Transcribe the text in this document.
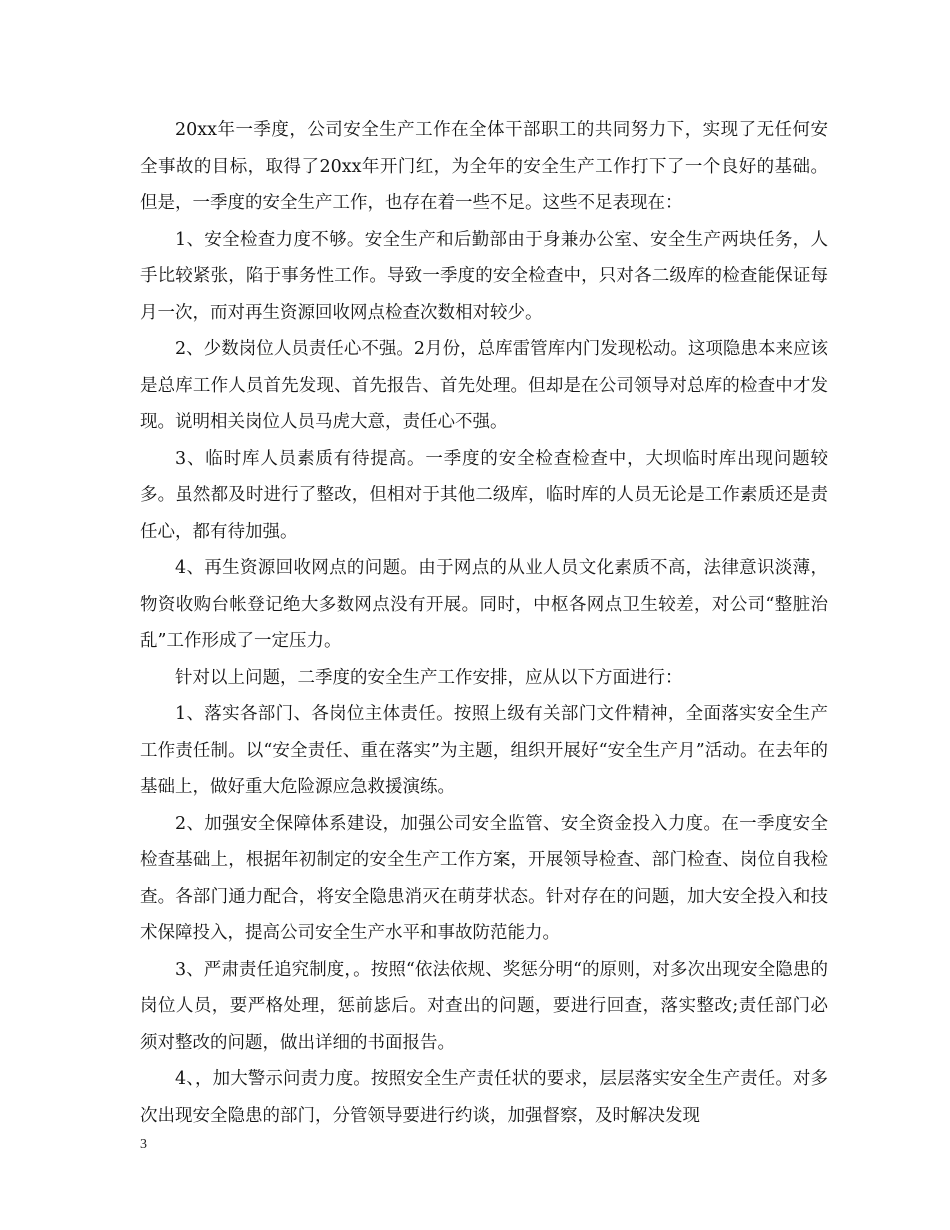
20xx年一季度，公司安全生产工作在全体干部职工的共同努力下，实现了无任何安全事故的目标，取得了20xx年开门红，为全年的安全生产工作打下了一个良好的基础。但是，一季度的安全生产工作，也存在着一些不足。这些不足表现在：

1、安全检查力度不够。安全生产和后勤部由于身兼办公室、安全生产两块任务，人手比较紧张，陷于事务性工作。导致一季度的安全检查中，只对各二级库的检查能保证每月一次，而对再生资源回收网点检查次数相对较少。

2、少数岗位人员责任心不强。2月份，总库雷管库内门发现松动。这项隐患本来应该是总库工作人员首先发现、首先报告、首先处理。但却是在公司领导对总库的检查中才发现。说明相关岗位人员马虎大意，责任心不强。

3、临时库人员素质有待提高。一季度的安全检查检查中，大坝临时库出现问题较多。虽然都及时进行了整改，但相对于其他二级库，临时库的人员无论是工作素质还是责任心，都有待加强。

4、再生资源回收网点的问题。由于网点的从业人员文化素质不高，法律意识淡薄，物资收购台帐登记绝大多数网点没有开展。同时，中枢各网点卫生较差，对公司“整脏治乱”工作形成了一定压力。

针对以上问题，二季度的安全生产工作安排，应从以下方面进行：

1、落实各部门、各岗位主体责任。按照上级有关部门文件精神，全面落实安全生产工作责任制。以“安全责任、重在落实”为主题，组织开展好“安全生产月”活动。在去年的基础上，做好重大危险源应急救援演练。

2、加强安全保障体系建设，加强公司安全监管、安全资金投入力度。在一季度安全检查基础上，根据年初制定的安全生产工作方案，开展领导检查、部门检查、岗位自我检查。各部门通力配合，将安全隐患消灭在萌芽状态。针对存在的问题，加大安全投入和技术保障投入，提高公司安全生产水平和事故防范能力。

3、严肃责任追究制度，。按照“依法依规、奖惩分明“的原则，对多次出现安全隐患的岗位人员，要严格处理，惩前毖后。对查出的问题，要进行回查，落实整改;责任部门必须对整改的问题，做出详细的书面报告。

4、，加大警示问责力度。按照安全生产责任状的要求，层层落实安全生产责任。对多次出现安全隐患的部门，分管领导要进行约谈，加强督察，及时解决发现

3
